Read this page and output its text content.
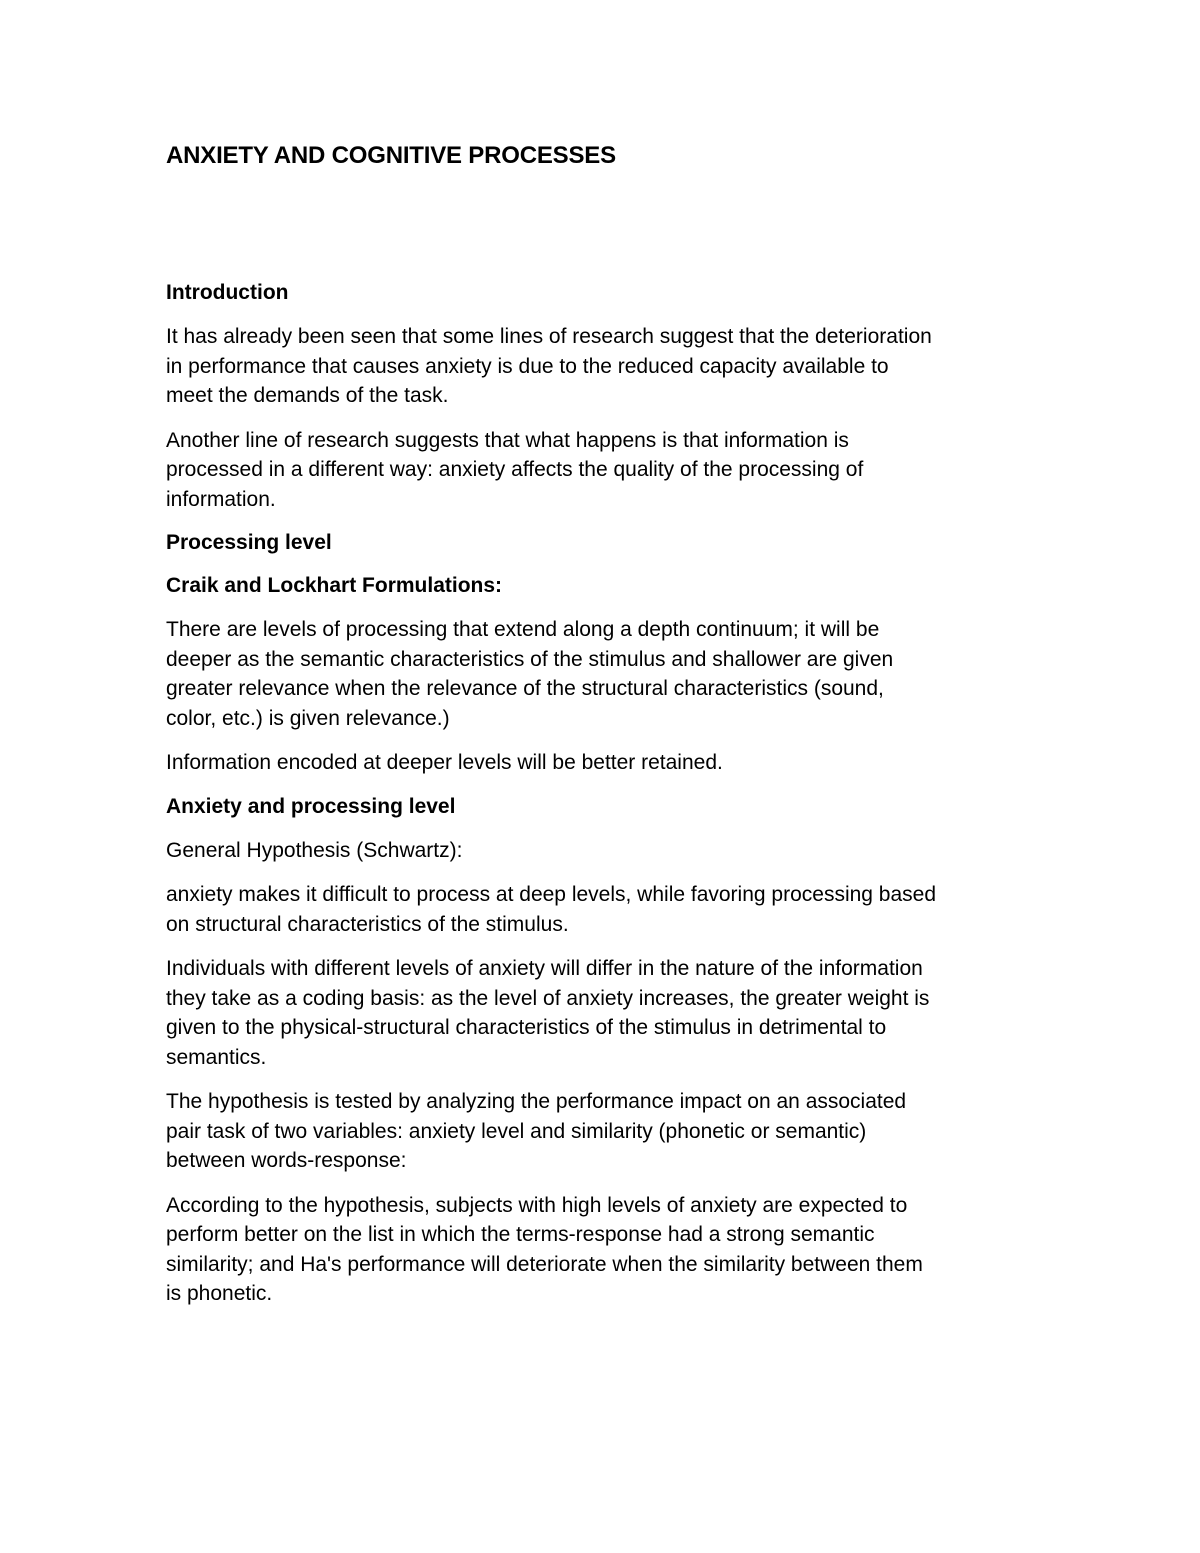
ANXIETY AND COGNITIVE PROCESSES
Introduction

It has already been seen that some lines of research suggest that the deterioration
in performance that causes anxiety is due to the reduced capacity available to
meet the demands of the task.

Another line of research suggests that what happens is that information is
processed in a different way: anxiety affects the quality of the processing of
information.

Processing level
Craik and Lockhart Formulations:

There are levels of processing that extend along a depth continuum; it will be
deeper as the semantic characteristics of the stimulus and shallower are given
greater relevance when the relevance of the structural characteristics (sound,
color, etc.) is given relevance.)

Information encoded at deeper levels will be better retained.

Anxiety and processing level

General Hypothesis (Schwartz):

anxiety makes it difficult to process at deep levels, while favoring processing based
on structural characteristics of the stimulus.

Individuals with different levels of anxiety will differ in the nature of the information
they take as a coding basis: as the level of anxiety increases, the greater weight is
given to the physical-structural characteristics of the stimulus in detrimental to
semantics.

The hypothesis is tested by analyzing the performance impact on an associated
pair task of two variables: anxiety level and similarity (phonetic or semantic)
between words-response:

According to the hypothesis, subjects with high levels of anxiety are expected to
perform better on the list in which the terms-response had a strong semantic
similarity; and Ha's performance will deteriorate when the similarity between them
is phonetic.
